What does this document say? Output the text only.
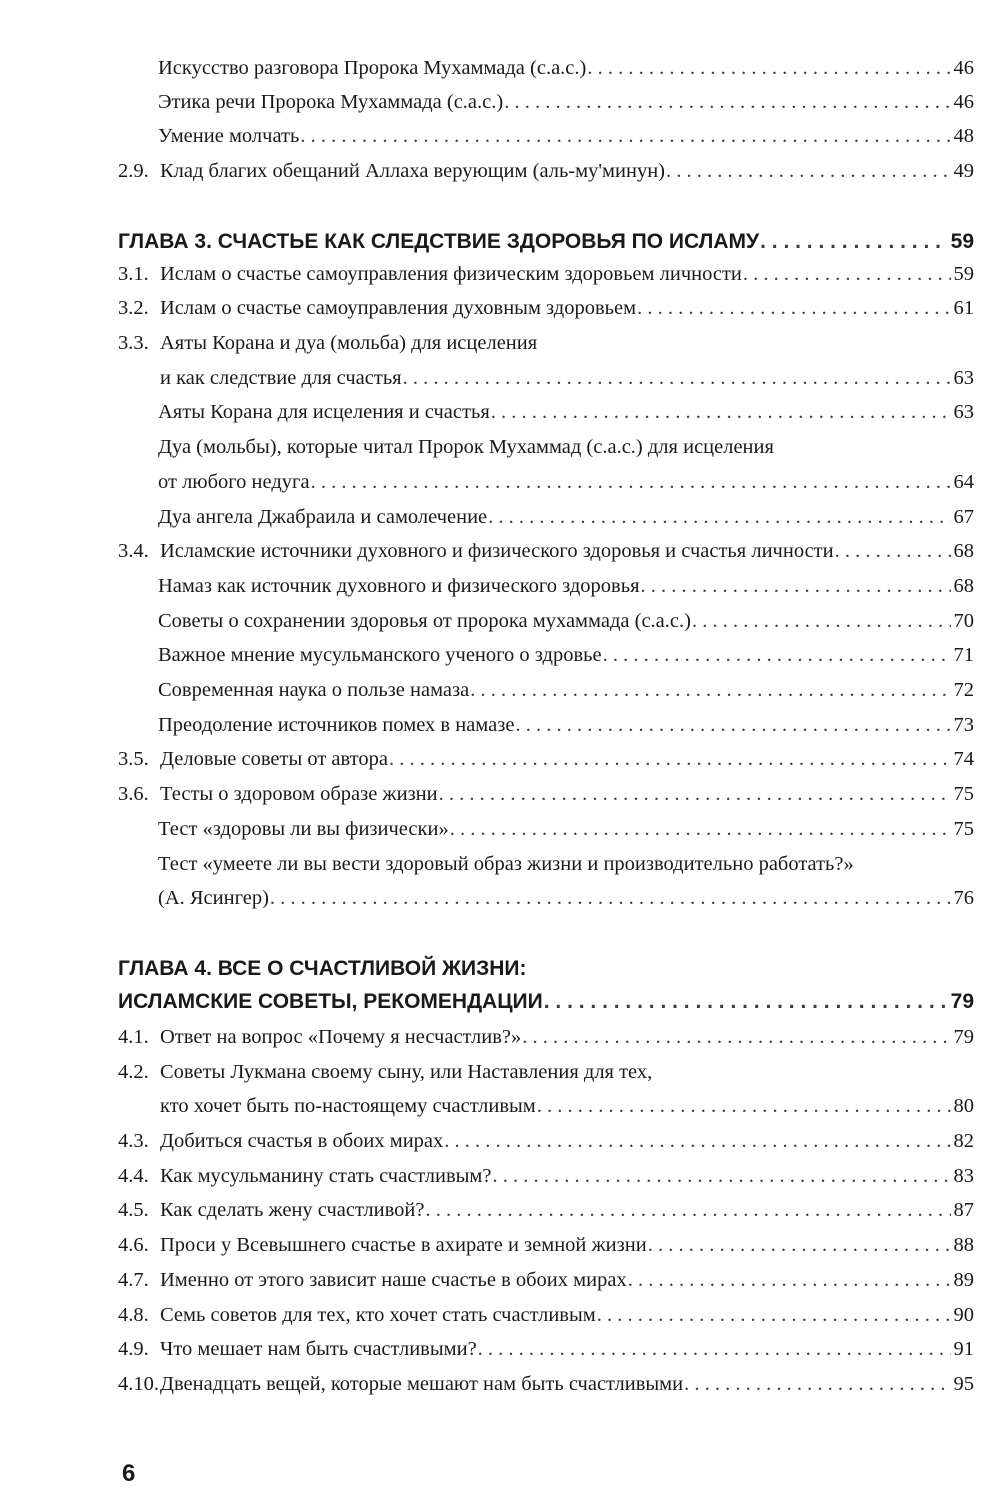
Искусство разговора Пророка Мухаммада (с.а.с.) . . .	46
Этика речи Пророка Мухаммада (с.а.с.) . . .	46
Умение молчать . . .	48
2.9. Клад благих обещаний Аллаха верующим (аль-му'минун) . . .	49
ГЛАВА 3. СЧАСТЬЕ КАК СЛЕДСТВИЕ ЗДОРОВЬЯ ПО ИСЛАМУ . . .	59
3.1. Ислам о счастье самоуправления физическим здоровьем личности . . .	59
3.2. Ислам о счастье самоуправления духовным здоровьем . . .	61
3.3. Аяты Корана и дуа (мольба) для исцеления
и как следствие для счастья . . .	63
Аяты Корана для исцеления и счастья . . .	63
Дуа (мольбы), которые читал Пророк Мухаммад (с.а.с.) для исцеления
от любого недуга . . .	64
Дуа ангела Джабраила и самолечение . . .	67
3.4. Исламские источники духовного и физического здоровья и счастья личности . . .	68
Намаз как источник духовного и физического здоровья . . .	68
Советы о сохранении здоровья от пророка мухаммада (с.а.с.) . . .	70
Важное мнение мусульманского ученого о здровье . . .	71
Современная наука о пользе намаза . . .	72
Преодоление источников помех в намазе . . .	73
3.5. Деловые советы от автора . . .	74
3.6. Тесты о здоровом образе жизни . . .	75
Тест «здоровы ли вы физически» . . .	75
Тест «умеете ли вы вести здоровый образ жизни и производительно работать?»
(А. Ясингер) . . .	76
ГЛАВА 4. ВСЕ О СЧАСТЛИВОЙ ЖИЗНИ:
ИСЛАМСКИЕ СОВЕТЫ, РЕКОМЕНДАЦИИ . . .	79
4.1. Ответ на вопрос «Почему я несчастлив?» . . .	79
4.2. Советы Лукмана своему сыну, или Наставления для тех,
кто хочет быть по-настоящему счастливым . . .	80
4.3. Добиться счастья в обоих мирах . . .	82
4.4. Как мусульманину стать счастливым? . . .	83
4.5. Как сделать жену счастливой? . . .	87
4.6. Проси у Всевышнего счастье в ахирате и земной жизни . . .	88
4.7. Именно от этого зависит наше счастье в обоих мирах . . .	89
4.8. Семь советов для тех, кто хочет стать счастливым . . .	90
4.9. Что мешает нам быть счастливыми? . . .	91
4.10. Двенадцать вещей, которые мешают нам быть счастливыми . . .	95
6
